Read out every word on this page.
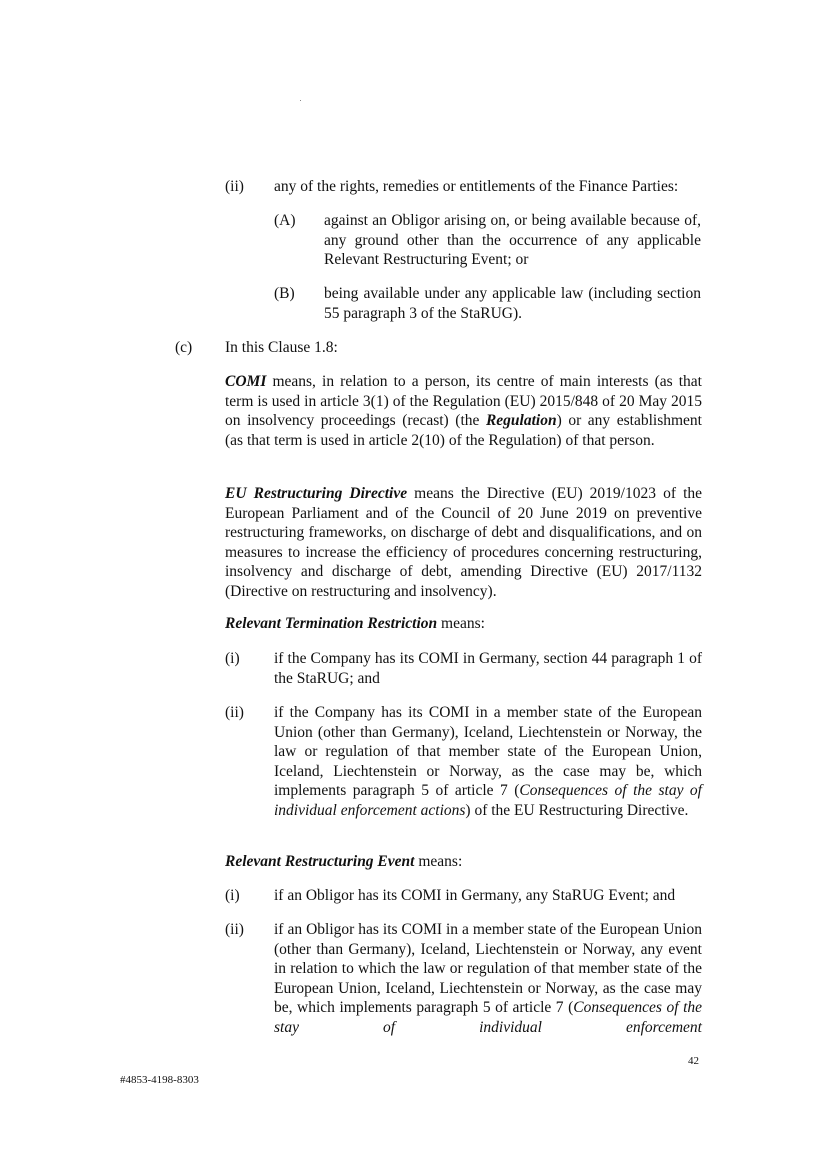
(ii) any of the rights, remedies or entitlements of the Finance Parties:
(A) against an Obligor arising on, or being available because of, any ground other than the occurrence of any applicable Relevant Restructuring Event; or
(B) being available under any applicable law (including section 55 paragraph 3 of the StaRUG).
(c) In this Clause 1.8:
COMI means, in relation to a person, its centre of main interests (as that term is used in article 3(1) of the Regulation (EU) 2015/848 of 20 May 2015 on insolvency proceedings (recast) (the Regulation) or any establishment (as that term is used in article 2(10) of the Regulation) of that person.
EU Restructuring Directive means the Directive (EU) 2019/1023 of the European Parliament and of the Council of 20 June 2019 on preventive restructuring frameworks, on discharge of debt and disqualifications, and on measures to increase the efficiency of procedures concerning restructuring, insolvency and discharge of debt, amending Directive (EU) 2017/1132 (Directive on restructuring and insolvency).
Relevant Termination Restriction means:
(i) if the Company has its COMI in Germany, section 44 paragraph 1 of the StaRUG; and
(ii) if the Company has its COMI in a member state of the European Union (other than Germany), Iceland, Liechtenstein or Norway, the law or regulation of that member state of the European Union, Iceland, Liechtenstein or Norway, as the case may be, which implements paragraph 5 of article 7 (Consequences of the stay of individual enforcement actions) of the EU Restructuring Directive.
Relevant Restructuring Event means:
(i) if an Obligor has its COMI in Germany, any StaRUG Event; and
(ii) if an Obligor has its COMI in a member state of the European Union (other than Germany), Iceland, Liechtenstein or Norway, any event in relation to which the law or regulation of that member state of the European Union, Iceland, Liechtenstein or Norway, as the case may be, which implements paragraph 5 of article 7 (Consequences of the stay of individual enforcement
42
#4853-4198-8303
